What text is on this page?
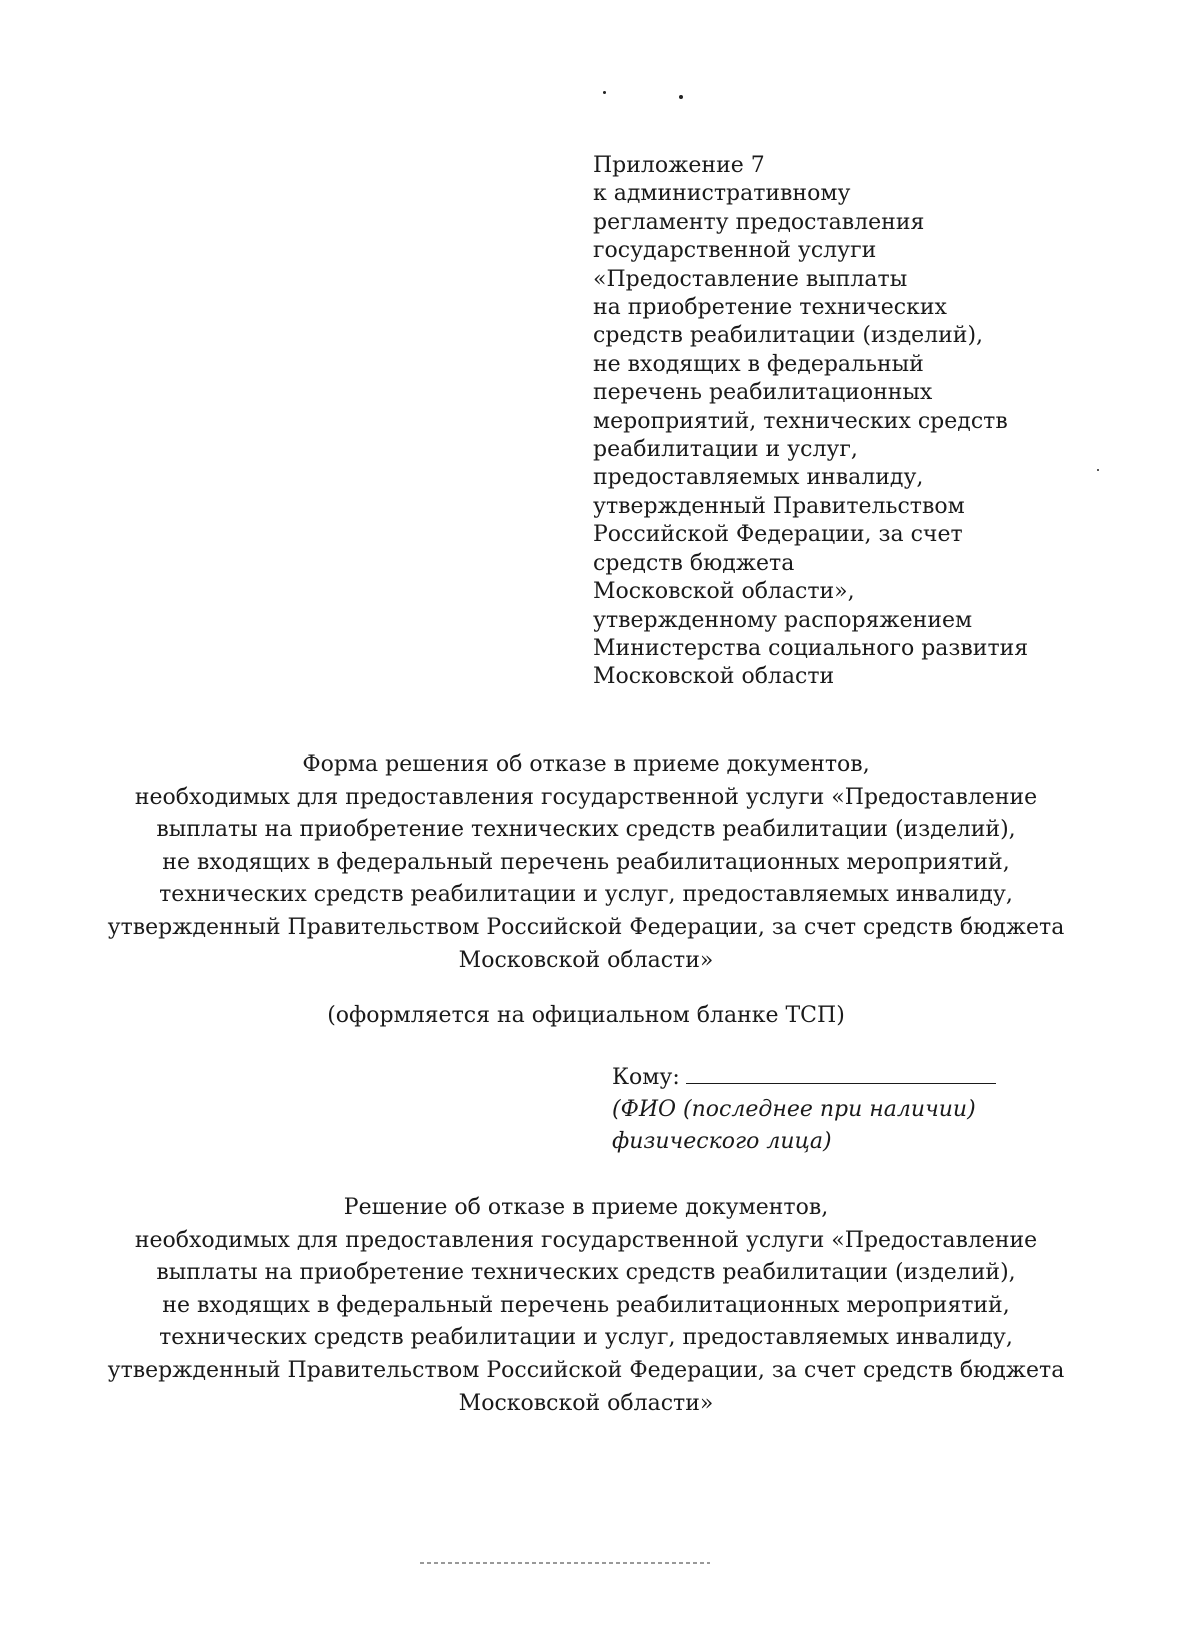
Приложение 7
к административному
регламенту предоставления
государственной услуги
«Предоставление выплаты
на приобретение технических
средств реабилитации (изделий),
не входящих в федеральный
перечень реабилитационных
мероприятий, технических средств
реабилитации и услуг,
предоставляемых инвалиду,
утвержденный Правительством
Российской Федерации, за счет
средств бюджета
Московской области»,
утвержденному распоряжением
Министерства социального развития
Московской области
Форма решения об отказе в приеме документов,
необходимых для предоставления государственной услуги «Предоставление
выплаты на приобретение технических средств реабилитации (изделий),
не входящих в федеральный перечень реабилитационных мероприятий,
технических средств реабилитации и услуг, предоставляемых инвалиду,
утвержденный Правительством Российской Федерации, за счет средств бюджета
Московской области»
(оформляется на официальном бланке ТСП)
Кому:
(ФИО (последнее при наличии)
физического лица)
Решение об отказе в приеме документов,
необходимых для предоставления государственной услуги «Предоставление
выплаты на приобретение технических средств реабилитации (изделий),
не входящих в федеральный перечень реабилитационных мероприятий,
технических средств реабилитации и услуг, предоставляемых инвалиду,
утвержденный Правительством Российской Федерации, за счет средств бюджета
Московской области»
